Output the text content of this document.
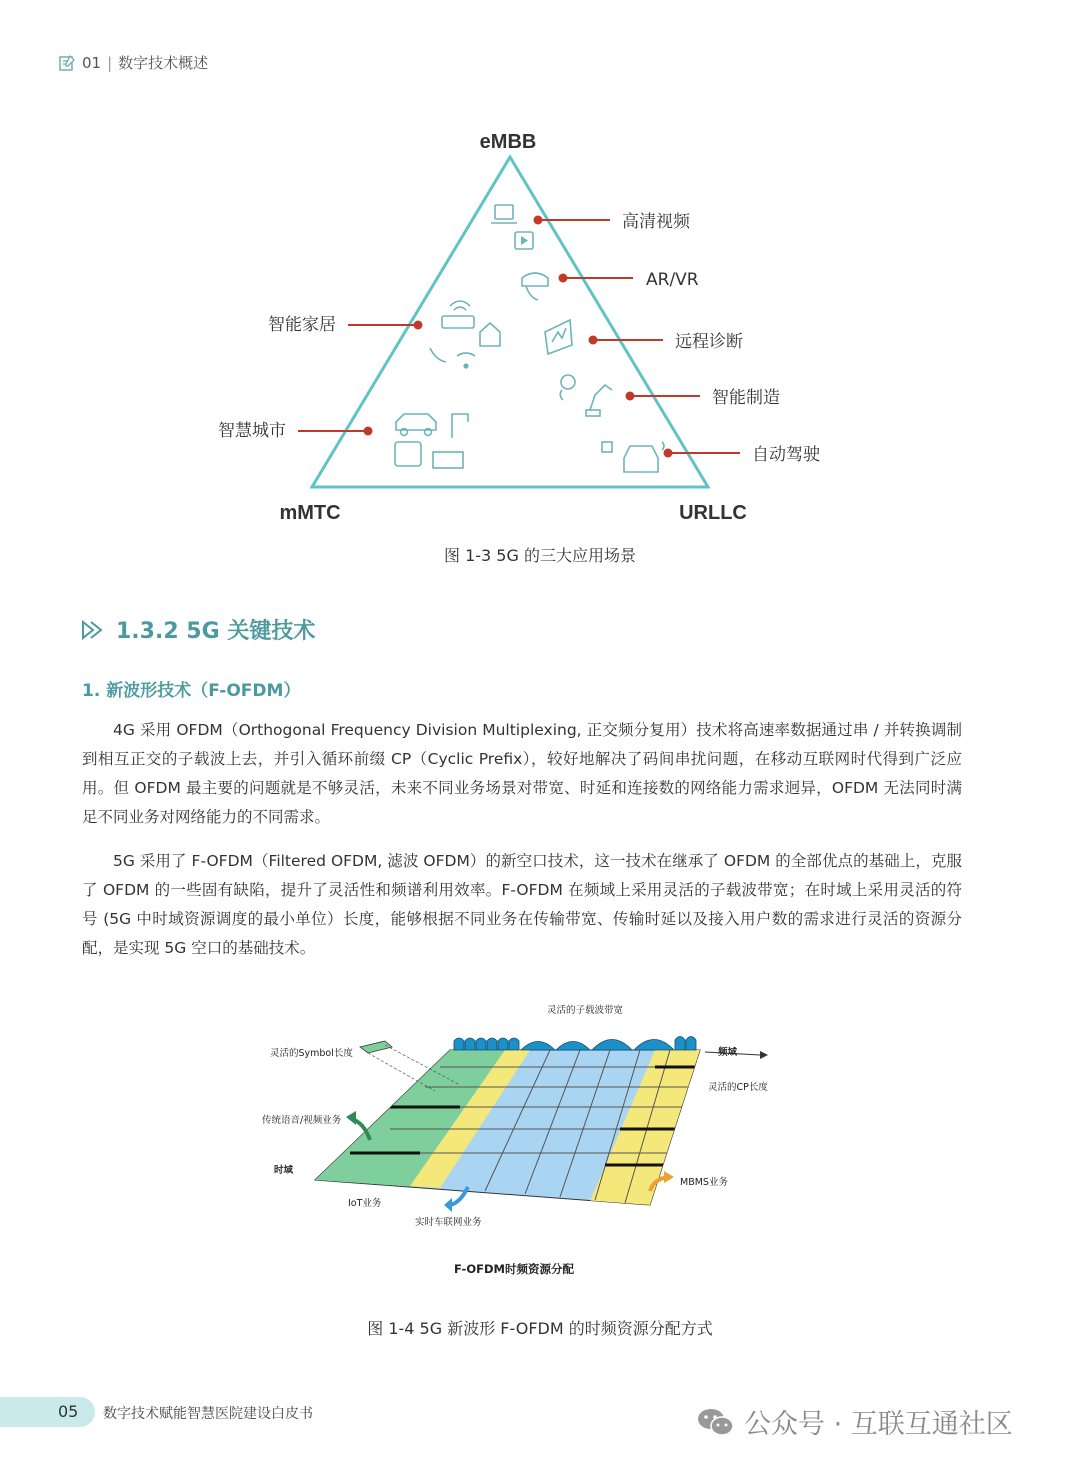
01 | 数字技术概述
eMBB
mMTC	URLLC
高清视频
AR/VR
远程诊断
智能制造
自动驾驶
智能家居
智慧城市
图 1-3 5G 的三大应用场景
1.3.2 5G 关键技术
1. 新波形技术（F-OFDM）

4G 采用 OFDM（Orthogonal Frequency Division Multiplexing, 正交频分复用）技术将高速率数据通过串 / 并转换调制到相互正交的子载波上去，并引入循环前缀 CP（Cyclic Prefix），较好地解决了码间串扰问题，在移动互联网时代得到广泛应用。但 OFDM 最主要的问题就是不够灵活，未来不同业务场景对带宽、时延和连接数的网络能力需求迥异，OFDM 无法同时满足不同业务对网络能力的不同需求。

5G 采用了 F-OFDM（Filtered OFDM, 滤波 OFDM）的新空口技术，这一技术在继承了 OFDM 的全部优点的基础上，克服了 OFDM 的一些固有缺陷，提升了灵活性和频谱利用效率。F-OFDM 在频域上采用灵活的子载波带宽；在时域上采用灵活的符号 (5G 中时域资源调度的最小单位）长度，能够根据不同业务在传输带宽、传输时延以及接入用户数的需求进行灵活的资源分配，是实现 5G 空口的基础技术。

灵活的子载波带宽
灵活的Symbol长度	频域
灵活的CP长度
传统语音/视频业务
时域
MBMS业务
IoT业务
实时车联网业务
F-OFDM时频资源分配
图 1-4 5G 新波形 F-OFDM 的时频资源分配方式
05 数字技术赋能智慧医院建设白皮书	公众号 · 互联互通社区
